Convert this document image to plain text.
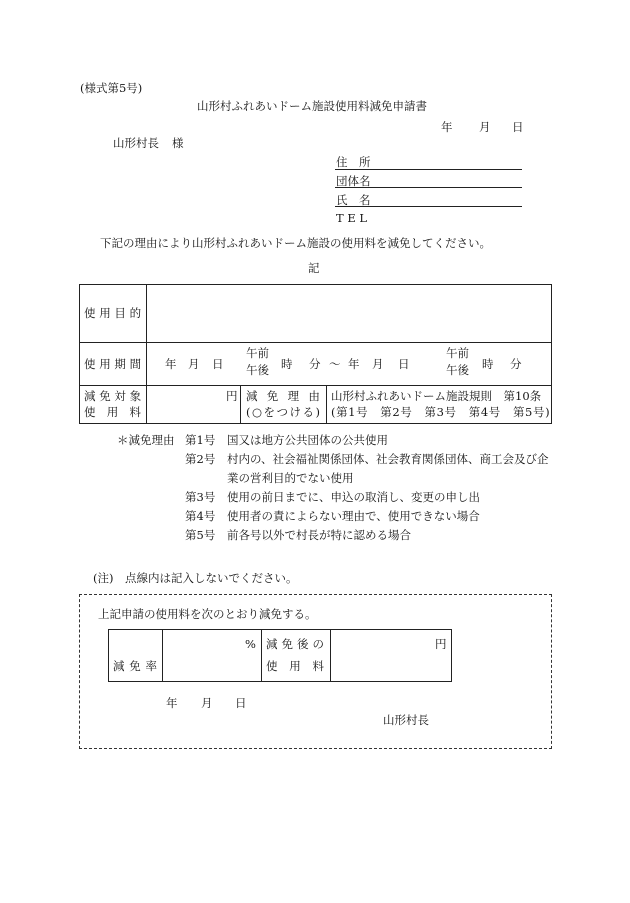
(様式第5号)
山形村ふれあいドーム施設使用料減免申請書
年 月 日
山形村長 様
住　所
団体名
氏　名
T E L
下記の理由により山形村ふれあいドーム施設の使用料を減免してください。
記
使用目的
使用期間 年 月 日
午前
午後 時 分 〜 年 月 日
午前
午後 時 分
減免対象
使用料
円 減免理由
(○をつける)
山形村ふれあいドーム施設規則　第10条
(第1号　第2号　第3号　第4号　第5号)
＊減免理由 第1号 国又は地方公共団体の公共使用
第2号 村内の、社会福祉関係団体、社会教育関係団体、商工会及び企
業の営利目的でない使用
第3号 使用の前日までに、申込の取消し、変更の申し出
第4号 使用者の責によらない理由で、使用できない場合
第5号 前各号以外で村長が特に認める場合
(注) 点線内は記入しないでください。
上記申請の使用料を次のとおり減免する。
減免率
% 減免後の
使用料
円
年 月 日
山形村長
